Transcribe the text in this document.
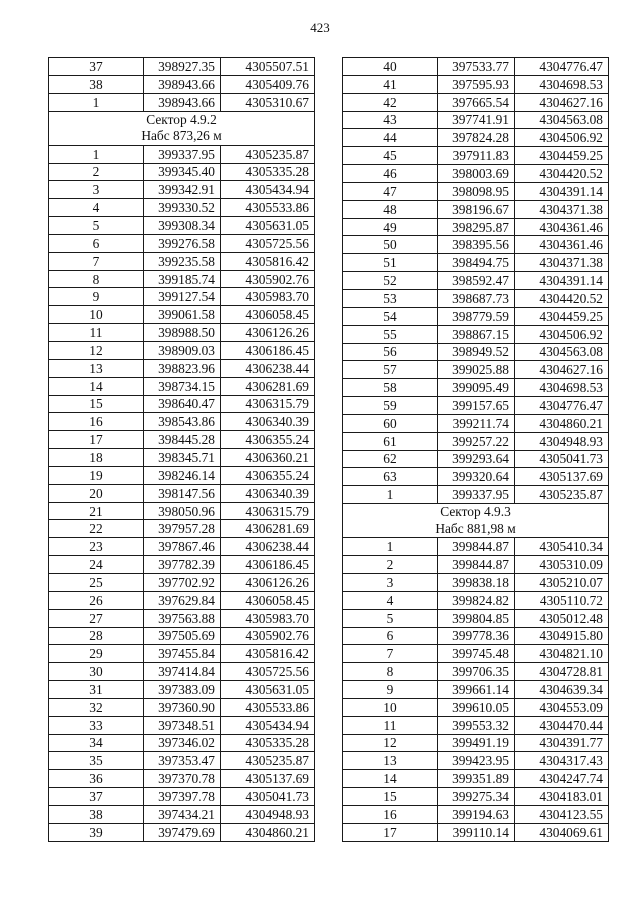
423
37	398927.35	4305507.51
38	398943.66	4305409.76
1	398943.66	4305310.67

Сектор 4.9.2
Набс 873,26 м		

1	399337.95	4305235.87
2	399345.40	4305335.28
3	399342.91	4305434.94
4	399330.52	4305533.86
5	399308.34	4305631.05
6	399276.58	4305725.56
7	399235.58	4305816.42
8	399185.74	4305902.76
9	399127.54	4305983.70
10	399061.58	4306058.45
11	398988.50	4306126.26
12	398909.03	4306186.45
13	398823.96	4306238.44
14	398734.15	4306281.69
15	398640.47	4306315.79
16	398543.86	4306340.39
17	398445.28	4306355.24
18	398345.71	4306360.21
19	398246.14	4306355.24
20	398147.56	4306340.39
21	398050.96	4306315.79
22	397957.28	4306281.69
23	397867.46	4306238.44
24	397782.39	4306186.45
25	397702.92	4306126.26
26	397629.84	4306058.45
27	397563.88	4305983.70
28	397505.69	4305902.76
29	397455.84	4305816.42
30	397414.84	4305725.56
31	397383.09	4305631.05
32	397360.90	4305533.86
33	397348.51	4305434.94
34	397346.02	4305335.28
35	397353.47	4305235.87
36	397370.78	4305137.69
37	397397.78	4305041.73
38	397434.21	4304948.93
39	397479.69	4304860.21
40	397533.77	4304776.47
41	397595.93	4304698.53
42	397665.54	4304627.16
43	397741.91	4304563.08
44	397824.28	4304506.92
45	397911.83	4304459.25
46	398003.69	4304420.52
47	398098.95	4304391.14
48	398196.67	4304371.38
49	398295.87	4304361.46
50	398395.56	4304361.46
51	398494.75	4304371.38
52	398592.47	4304391.14
53	398687.73	4304420.52
54	398779.59	4304459.25
55	398867.15	4304506.92
56	398949.52	4304563.08
57	399025.88	4304627.16
58	399095.49	4304698.53
59	399157.65	4304776.47
60	399211.74	4304860.21
61	399257.22	4304948.93
62	399293.64	4305041.73
63	399320.64	4305137.69
1	399337.95	4305235.87

Сектор 4.9.3
Набс 881,98 м		

1	399844.87	4305410.34
2	399844.87	4305310.09
3	399838.18	4305210.07
4	399824.82	4305110.72
5	399804.85	4305012.48
6	399778.36	4304915.80
7	399745.48	4304821.10
8	399706.35	4304728.81
9	399661.14	4304639.34
10	399610.05	4304553.09
11	399553.32	4304470.44
12	399491.19	4304391.77
13	399423.95	4304317.43
14	399351.89	4304247.74
15	399275.34	4304183.01
16	399194.63	4304123.55
17	399110.14	4304069.61
